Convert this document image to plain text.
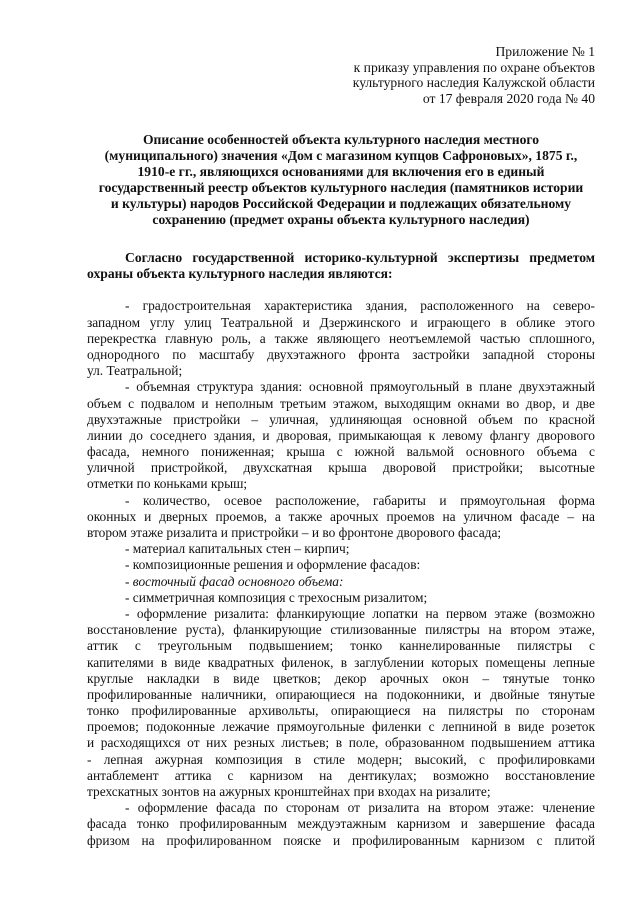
Приложение № 1
к приказу управления по охране объектов
культурного наследия Калужской области
от 17 февраля 2020 года № 40
Описание особенностей объекта культурного наследия местного
(муниципального) значения «Дом с магазином купцов Сафроновых», 1875 г.,
1910-е гг., являющихся основаниями для включения его в единый
государственный реестр объектов культурного наследия (памятников истории
и культуры) народов Российской Федерации и подлежащих обязательному
сохранению (предмет охраны объекта культурного наследия)
Согласно государственной историко-культурной экспертизы предметом
охраны объекта культурного наследия являются:
- градостроительная характеристика здания, расположенного на северо-
западном углу улиц Театральной и Дзержинского и играющего в облике этого
перекрестка главную роль, а также являющего неотъемлемой частью сплошного,
однородного по масштабу двухэтажного фронта застройки западной стороны
ул. Театральной;
- объемная структура здания: основной прямоугольный в плане двухэтажный
объем с подвалом и неполным третьим этажом, выходящим окнами во двор, и две
двухэтажные пристройки – уличная, удлиняющая основной объем по красной
линии до соседнего здания, и дворовая, примыкающая к левому флангу дворового
фасада, немного пониженная; крыша с южной вальмой основного объема с
уличной пристройкой, двухскатная крыша дворовой пристройки; высотные
отметки по коньками крыш;
- количество, осевое расположение, габариты и прямоугольная форма
оконных и дверных проемов, а также арочных проемов на уличном фасаде – на
втором этаже ризалита и пристройки – и во фронтоне дворового фасада;
- материал капитальных стен – кирпич;
- композиционные решения и оформление фасадов:
- восточный фасад основного объема:
- симметричная композиция с трехосным ризалитом;
- оформление ризалита: фланкирующие лопатки на первом этаже (возможно
восстановление руста), фланкирующие стилизованные пилястры на втором этаже,
аттик с треугольным подвышением; тонко каннелированные пилястры с
капителями в виде квадратных филенок, в заглублении которых помещены лепные
круглые накладки в виде цветков; декор арочных окон – тянутые тонко
профилированные наличники, опирающиеся на подоконники, и двойные тянутые
тонко профилированные архивольты, опирающиеся на пилястры по сторонам
проемов; подоконные лежачие прямоугольные филенки с лепниной в виде розеток
и расходящихся от них резных листьев; в поле, образованном подвышением аттика
- лепная ажурная композиция в стиле модерн; высокий, с профилировками
антаблемент аттика с карнизом на дентикулах; возможно восстановление
трехскатных зонтов на ажурных кронштейнах при входах на ризалите;
- оформление фасада по сторонам от ризалита на втором этаже: членение
фасада тонко профилированным междуэтажным карнизом и завершение фасада
фризом на профилированном пояске и профилированным карнизом с плитой
